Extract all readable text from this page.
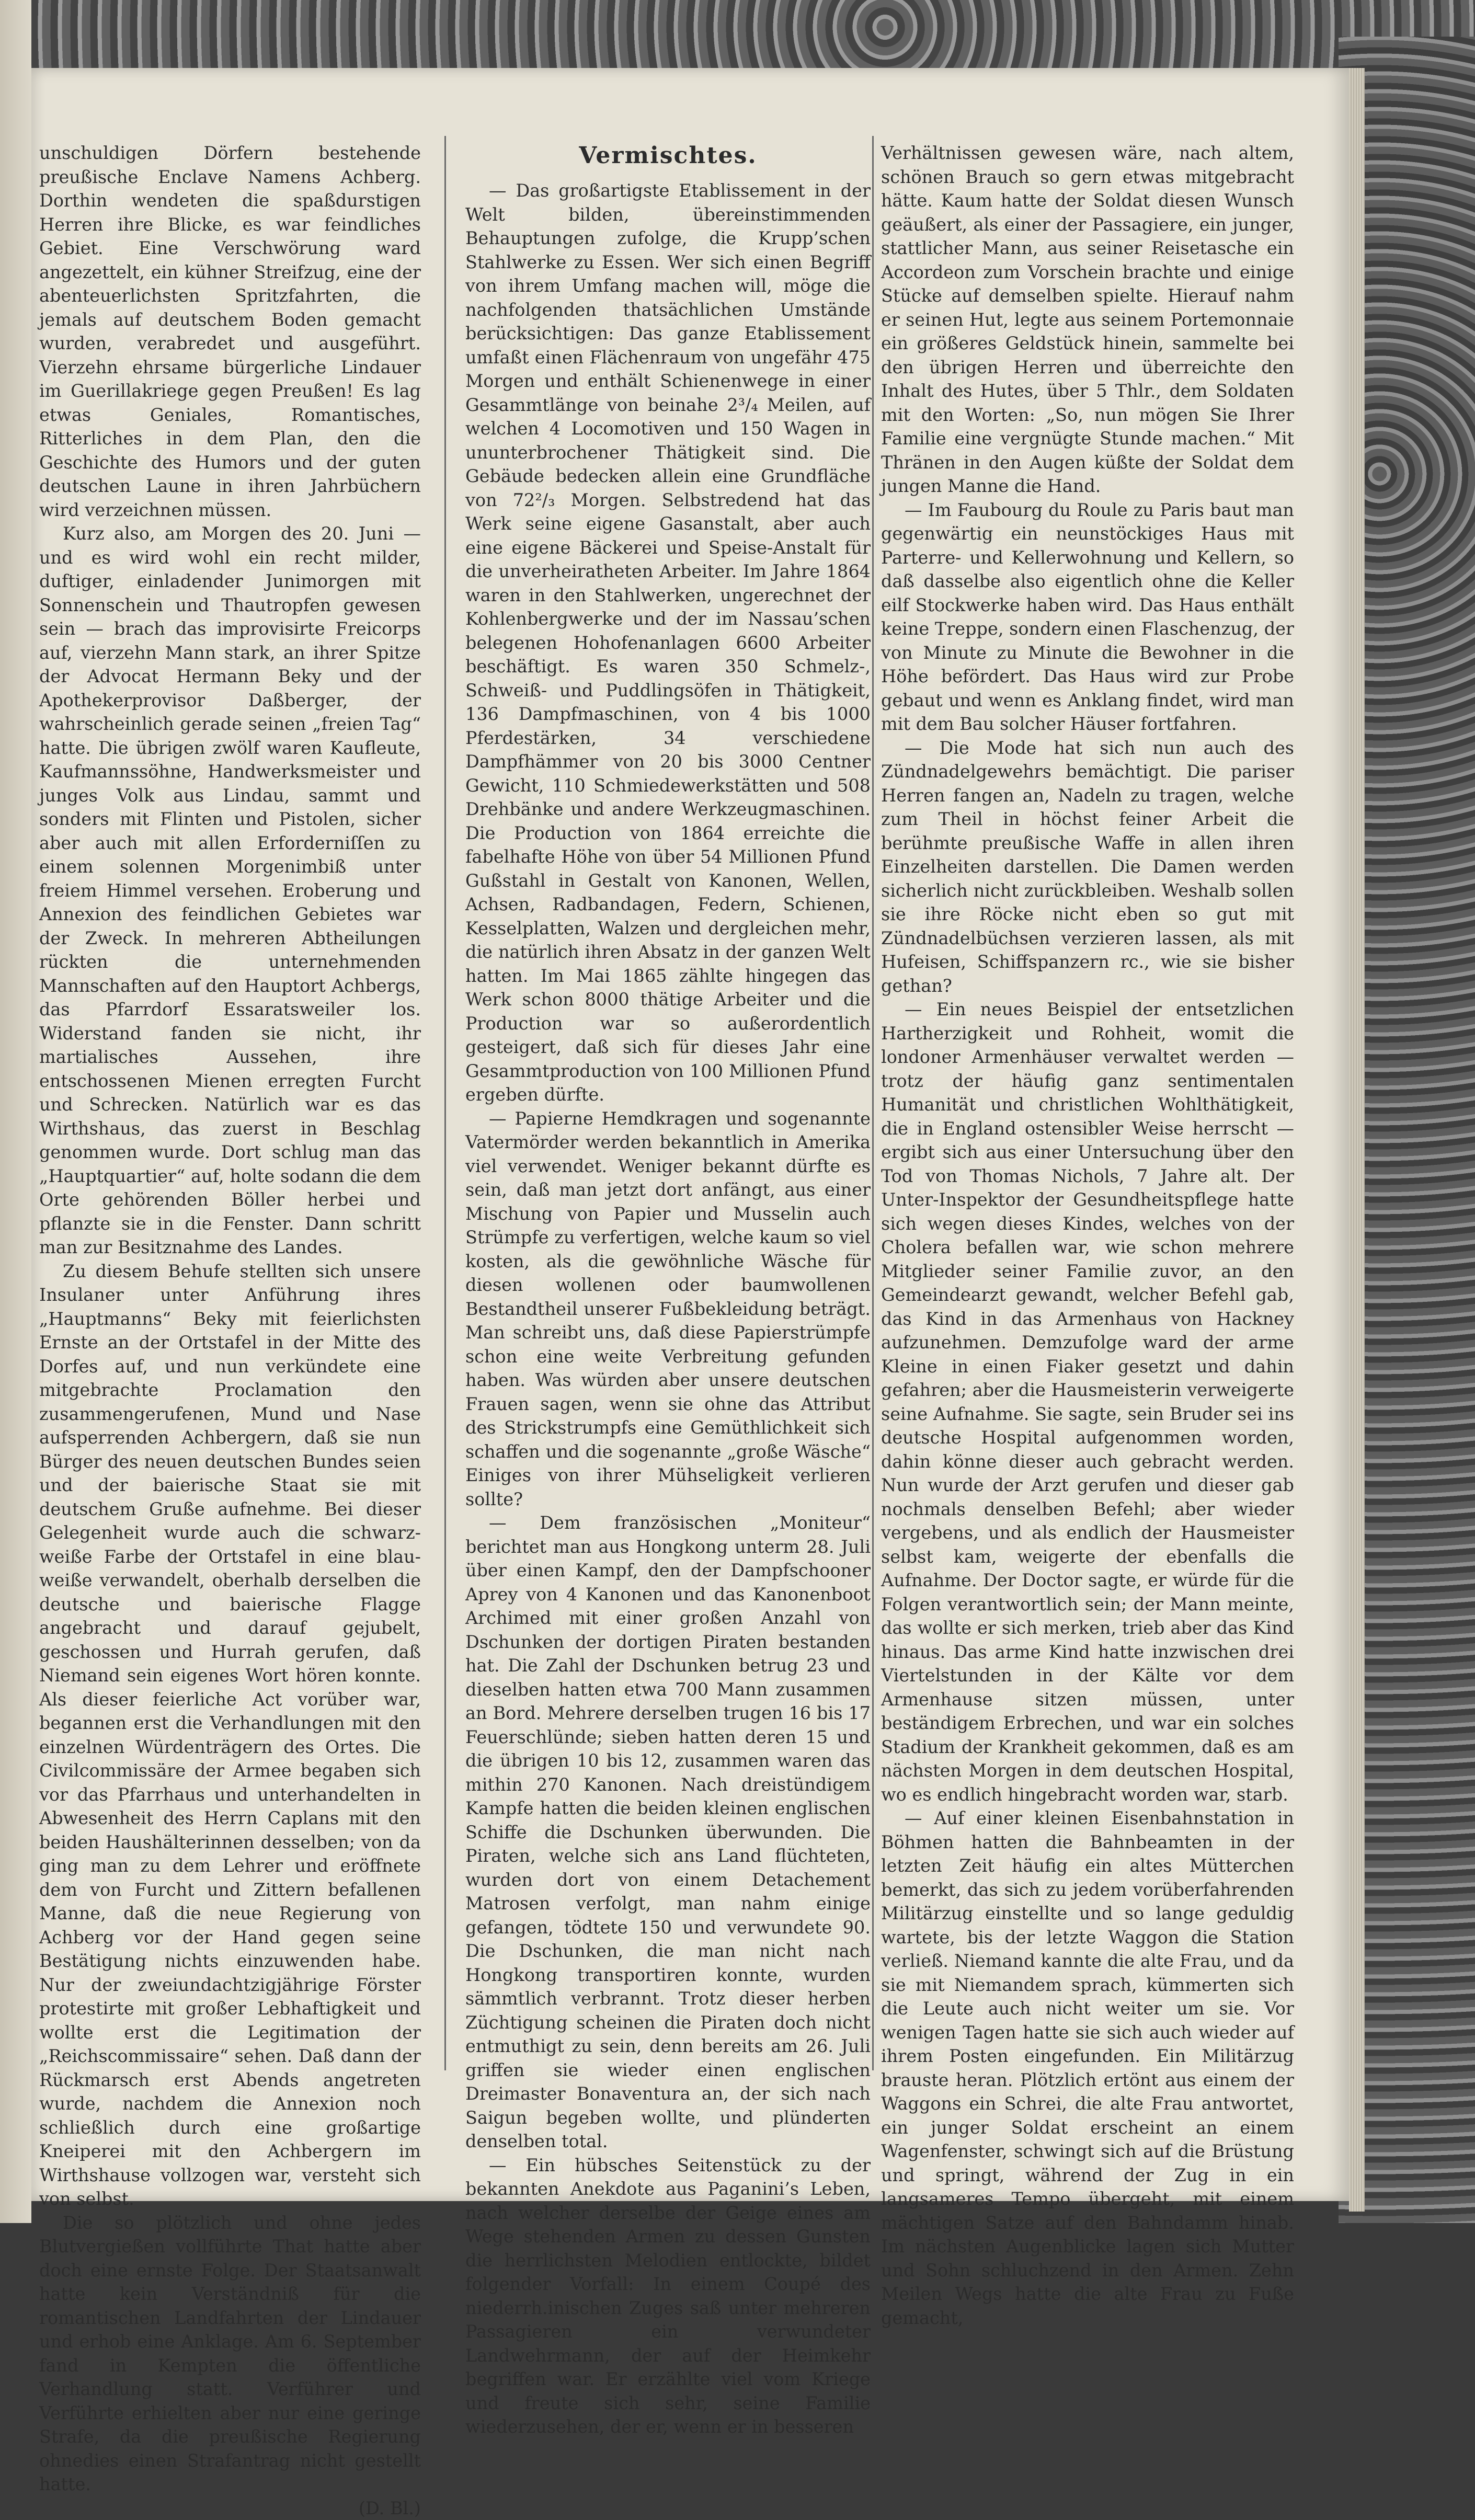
unschuldigen Dörfern bestehende preußische Enclave Namens Achberg. Dorthin wendeten die spaßdurstigen Herren ihre Blicke, es war feindliches Gebiet. Eine Verschwörung ward angezettelt, ein kühner Streifzug, eine der abenteuerlichsten Spritzfahrten, die jemals auf deutschem Boden gemacht wurden, verabredet und ausgeführt. Vierzehn ehrsame bürgerliche Lindauer im Guerillakriege gegen Preußen! Es lag etwas Geniales, Romantisches, Ritterliches in dem Plan, den die Geschichte des Humors und der guten deutschen Laune in ihren Jahrbüchern wird verzeichnen müssen.

Kurz also, am Morgen des 20. Juni — und es wird wohl ein recht milder, duftiger, einladender Junimorgen mit Sonnenschein und Thautropfen gewesen sein — brach das improvisirte Freicorps auf, vierzehn Mann stark, an ihrer Spitze der Advocat Hermann Beky und der Apothekerprovisor Daßberger, der wahrscheinlich gerade seinen „freien Tag“ hatte. Die übrigen zwölf waren Kaufleute, Kaufmannssöhne, Handwerksmeister und junges Volk aus Lindau, sammt und sonders mit Flinten und Pistolen, sicher aber auch mit allen Erforderniſſen zu einem solennen Morgenimbiß unter freiem Himmel versehen. Eroberung und Annexion des feindlichen Gebietes war der Zweck. In mehreren Abtheilungen rückten die unternehmenden Mannschaften auf den Hauptort Achbergs, das Pfarrdorf Essaratsweiler los. Widerstand fanden sie nicht, ihr martialisches Aussehen, ihre entschossenen Mienen erregten Furcht und Schrecken. Natürlich war es das Wirthshaus, das zuerst in Beschlag genommen wurde. Dort schlug man das „Hauptquartier“ auf, holte sodann die dem Orte gehörenden Böller herbei und pflanzte sie in die Fenster. Dann schritt man zur Besitznahme des Landes.

Zu diesem Behufe stellten sich unsere Insulaner unter Anführung ihres „Hauptmanns“ Beky mit feierlichsten Ernste an der Ortstafel in der Mitte des Dorfes auf, und nun verkündete eine mitgebrachte Proclamation den zusammengerufenen, Mund und Nase aufsperrenden Achbergern, daß sie nun Bürger des neuen deutschen Bundes seien und der baierische Staat sie mit deutschem Gruße aufnehme. Bei dieser Gelegenheit wurde auch die schwarz-weiße Farbe der Ortstafel in eine blau-weiße verwandelt, oberhalb derselben die deutsche und baierische Flagge angebracht und darauf gejubelt, geschossen und Hurrah gerufen, daß Niemand sein eigenes Wort hören konnte. Als dieser feierliche Act vorüber war, begannen erst die Verhandlungen mit den einzelnen Würdenträgern des Ortes. Die Civilcommissäre der Armee begaben sich vor das Pfarrhaus und unterhandelten in Abwesenheit des Herrn Caplans mit den beiden Haushälterinnen desselben; von da ging man zu dem Lehrer und eröffnete dem von Furcht und Zittern befallenen Manne, daß die neue Regierung von Achberg vor der Hand gegen seine Bestätigung nichts einzuwenden habe. Nur der zweiundachtzigjährige Förster protestirte mit großer Lebhaftigkeit und wollte erst die Legitimation der „Reichscommissaire“ sehen. Daß dann der Rückmarsch erst Abends angetreten wurde, nachdem die Annexion noch schließlich durch eine großartige Kneiperei mit den Achbergern im Wirthshause vollzogen war, versteht sich von selbst.

Die so plötzlich und ohne jedes Blutvergießen vollführte That hatte aber doch eine ernste Folge. Der Staatsanwalt hatte kein Verständniß für die romantischen Landfahrten der Lindauer und erhob eine Anklage. Am 6. September fand in Kempten die öffentliche Verhandlung statt. Verführer und Verführte erhielten aber nur eine geringe Strafe, da die preußische Regierung ohnedies einen Strafantrag nicht gestellt hatte.

(D. Bl.)

Vermischtes.

— Das großartigste Etablissement in der Welt bilden, übereinstimmenden Behauptungen zufolge, die Krupp’schen Stahlwerke zu Essen. Wer sich einen Begriff von ihrem Umfang machen will, möge die nachfolgenden thatsächlichen Umstände berücksichtigen: Das ganze Etablissement umfaßt einen Flächenraum von ungefähr 475 Morgen und enthält Schienenwege in einer Gesammtlänge von beinahe 2³/₄ Meilen, auf welchen 4 Locomotiven und 150 Wagen in ununterbrochener Thätigkeit sind. Die Gebäude bedecken allein eine Grundfläche von 72²/₃ Morgen. Selbstredend hat das Werk seine eigene Gasanstalt, aber auch eine eigene Bäckerei und Speise-Anstalt für die unverheiratheten Arbeiter. Im Jahre 1864 waren in den Stahlwerken, ungerechnet der Kohlenbergwerke und der im Nassau’schen belegenen Hohofenanlagen 6600 Arbeiter beschäftigt. Es waren 350 Schmelz-, Schweiß- und Puddlingsöfen in Thätigkeit, 136 Dampfmaschinen, von 4 bis 1000 Pferdestärken, 34 verschiedene Dampfhämmer von 20 bis 3000 Centner Gewicht, 110 Schmiedewerkstätten und 508 Drehbänke und andere Werkzeugmaschinen. Die Production von 1864 erreichte die fabelhafte Höhe von über 54 Millionen Pfund Gußstahl in Gestalt von Kanonen, Wellen, Achsen, Radbandagen, Federn, Schienen, Kesselplatten, Walzen und dergleichen mehr, die natürlich ihren Absatz in der ganzen Welt hatten. Im Mai 1865 zählte hingegen das Werk schon 8000 thätige Arbeiter und die Production war so außerordentlich gesteigert, daß sich für dieses Jahr eine Gesammtproduction von 100 Millionen Pfund ergeben dürfte.

— Papierne Hemdkragen und sogenannte Vatermörder werden bekanntlich in Amerika viel verwendet. Weniger bekannt dürfte es sein, daß man jetzt dort anfängt, aus einer Mischung von Papier und Musselin auch Strümpfe zu verfertigen, welche kaum so viel kosten, als die gewöhnliche Wäsche für diesen wollenen oder baumwollenen Bestandtheil unserer Fußbekleidung beträgt. Man schreibt uns, daß diese Papierstrümpfe schon eine weite Verbreitung gefunden haben. Was würden aber unsere deutschen Frauen sagen, wenn sie ohne das Attribut des Strickstrumpfs eine Gemüthlichkeit sich schaffen und die sogenannte „große Wäsche“ Einiges von ihrer Mühseligkeit verlieren sollte?

— Dem französischen „Moniteur“ berichtet man aus Hongkong unterm 28. Juli über einen Kampf, den der Dampfschooner Aprey von 4 Kanonen und das Kanonenboot Archimed mit einer großen Anzahl von Dschunken der dortigen Piraten bestanden hat. Die Zahl der Dschunken betrug 23 und dieselben hatten etwa 700 Mann zusammen an Bord. Mehrere derselben trugen 16 bis 17 Feuerschlünde; sieben hatten deren 15 und die übrigen 10 bis 12, zusammen waren das mithin 270 Kanonen. Nach dreistündigem Kampfe hatten die beiden kleinen englischen Schiffe die Dschunken überwunden. Die Piraten, welche sich ans Land flüchteten, wurden dort von einem Detachement Matrosen verfolgt, man nahm einige gefangen, tödtete 150 und verwundete 90. Die Dschunken, die man nicht nach Hongkong transportiren konnte, wurden sämmtlich verbrannt. Trotz dieser herben Züchtigung scheinen die Piraten doch nicht entmuthigt zu sein, denn bereits am 26. Juli griffen sie wieder einen englischen Dreimaster Bonaventura an, der sich nach Saigun begeben wollte, und plünderten denselben total.

— Ein hübsches Seitenstück zu der bekannten Anekdote aus Paganini’s Leben, nach welcher derselbe der Geige eines am Wege stehenden Armen zu dessen Gunsten die herrlichsten Melodien entlockte, bildet folgender Vorfall: In einem Coupé des niederrh.inischen Zuges saß unter mehreren Passagieren ein verwundeter Landwehrmann, der auf der Heimkehr begriffen war. Er erzählte viel vom Kriege und freute sich sehr, seine Familie wiederzusehen, der er, wenn er in besseren

Verhältnissen gewesen wäre, nach altem, schönen Brauch so gern etwas mitgebracht hätte. Kaum hatte der Soldat diesen Wunsch geäußert, als einer der Passagiere, ein junger, stattlicher Mann, aus seiner Reisetasche ein Accordeon zum Vorschein brachte und einige Stücke auf demselben spielte. Hierauf nahm er seinen Hut, legte aus seinem Portemonnaie ein größeres Geldstück hinein, sammelte bei den übrigen Herren und überreichte den Inhalt des Hutes, über 5 Thlr., dem Soldaten mit den Worten: „So, nun mögen Sie Ihrer Familie eine vergnügte Stunde machen.“ Mit Thränen in den Augen küßte der Soldat dem jungen Manne die Hand.

— Im Faubourg du Roule zu Paris baut man gegenwärtig ein neunstöckiges Haus mit Parterre- und Kellerwohnung und Kellern, so daß dasselbe also eigentlich ohne die Keller eilf Stockwerke haben wird. Das Haus enthält keine Treppe, sondern einen Flaschenzug, der von Minute zu Minute die Bewohner in die Höhe befördert. Das Haus wird zur Probe gebaut und wenn es Anklang findet, wird man mit dem Bau solcher Häuser fortfahren.

— Die Mode hat sich nun auch des Zündnadelgewehrs bemächtigt. Die pariser Herren fangen an, Nadeln zu tragen, welche zum Theil in höchst feiner Arbeit die berühmte preußische Waffe in allen ihren Einzelheiten darstellen. Die Damen werden sicherlich nicht zurückbleiben. Weshalb sollen sie ihre Röcke nicht eben so gut mit Zündnadelbüchsen verzieren lassen, als mit Hufeisen, Schiffspanzern rc., wie sie bisher gethan?

— Ein neues Beispiel der entsetzlichen Hartherzigkeit und Rohheit, womit die londoner Armenhäuser verwaltet werden — trotz der häufig ganz sentimentalen Humanität und christlichen Wohlthätigkeit, die in England ostensibler Weise herrscht — ergibt sich aus einer Untersuchung über den Tod von Thomas Nichols, 7 Jahre alt. Der Unter-Inspektor der Gesundheitspflege hatte sich wegen dieses Kindes, welches von der Cholera befallen war, wie schon mehrere Mitglieder seiner Familie zuvor, an den Gemeindearzt gewandt, welcher Befehl gab, das Kind in das Armenhaus von Hackney aufzunehmen. Demzufolge ward der arme Kleine in einen Fiaker gesetzt und dahin gefahren; aber die Hausmeisterin verweigerte seine Aufnahme. Sie sagte, sein Bruder sei ins deutsche Hospital aufgenommen worden, dahin könne dieser auch gebracht werden. Nun wurde der Arzt gerufen und dieser gab nochmals denselben Befehl; aber wieder vergebens, und als endlich der Hausmeister selbst kam, weigerte der ebenfalls die Aufnahme. Der Doctor sagte, er würde für die Folgen verantwortlich sein; der Mann meinte, das wollte er sich merken, trieb aber das Kind hinaus. Das arme Kind hatte inzwischen drei Viertelstunden in der Kälte vor dem Armenhause sitzen müssen, unter beständigem Erbrechen, und war ein solches Stadium der Krankheit gekommen, daß es am nächsten Morgen in dem deutschen Hospital, wo es endlich hingebracht worden war, starb.

— Auf einer kleinen Eisenbahnstation in Böhmen hatten die Bahnbeamten in der letzten Zeit häufig ein altes Mütterchen bemerkt, das sich zu jedem vorüberfahrenden Militärzug einstellte und so lange geduldig wartete, bis der letzte Waggon die Station verließ. Niemand kannte die alte Frau, und da sie mit Niemandem sprach, kümmerten sich die Leute auch nicht weiter um sie. Vor wenigen Tagen hatte sie sich auch wieder auf ihrem Posten eingefunden. Ein Militärzug brauste heran. Plötzlich ertönt aus einem der Waggons ein Schrei, die alte Frau antwortet, ein junger Soldat erscheint an einem Wagenfenster, schwingt sich auf die Brüstung und springt, während der Zug in ein langsameres Tempo übergeht, mit einem mächtigen Satze auf den Bahndamm hinab. Im nächsten Augenblicke lagen sich Mutter und Sohn schluchzend in den Armen. Zehn Meilen Wegs hatte die alte Frau zu Fuße gemacht,
